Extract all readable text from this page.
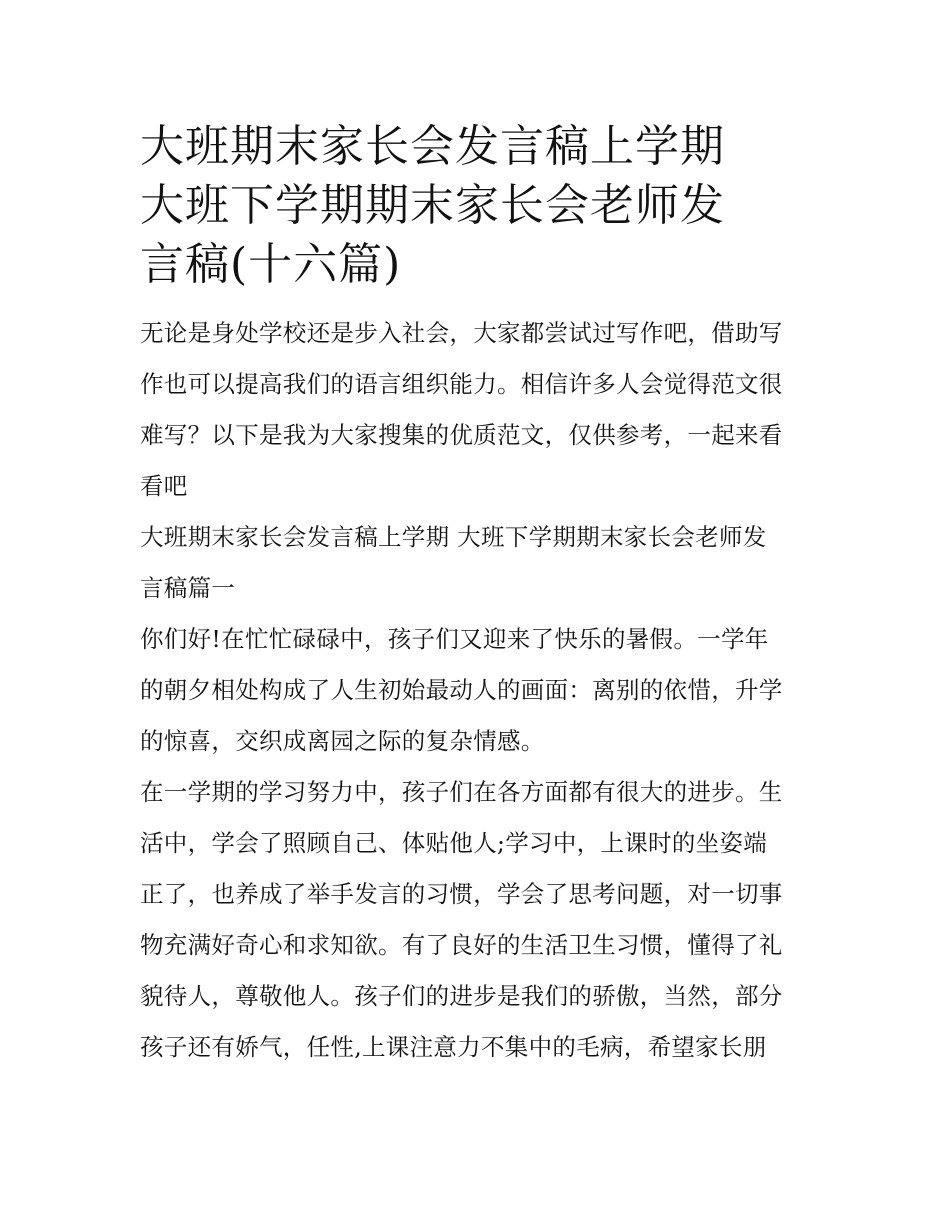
大班期末家长会发言稿上学期
大班下学期期末家长会老师发
言稿(十六篇)

无论是身处学校还是步入社会，大家都尝试过写作吧，借助写
作也可以提高我们的语言组织能力。相信许多人会觉得范文很
难写？以下是我为大家搜集的优质范文，仅供参考，一起来看
看吧

大班期末家长会发言稿上学期 大班下学期期末家长会老师发
言稿篇一

你们好!在忙忙碌碌中，孩子们又迎来了快乐的暑假。一学年
的朝夕相处构成了人生初始最动人的画面：离别的依惜，升学
的惊喜，交织成离园之际的复杂情感。

在一学期的学习努力中，孩子们在各方面都有很大的进步。生
活中，学会了照顾自己、体贴他人;学习中，上课时的坐姿端
正了，也养成了举手发言的习惯，学会了思考问题，对一切事
物充满好奇心和求知欲。有了良好的生活卫生习惯，懂得了礼
貌待人，尊敬他人。孩子们的进步是我们的骄傲，当然，部分
孩子还有娇气，任性,上课注意力不集中的毛病，希望家长朋
